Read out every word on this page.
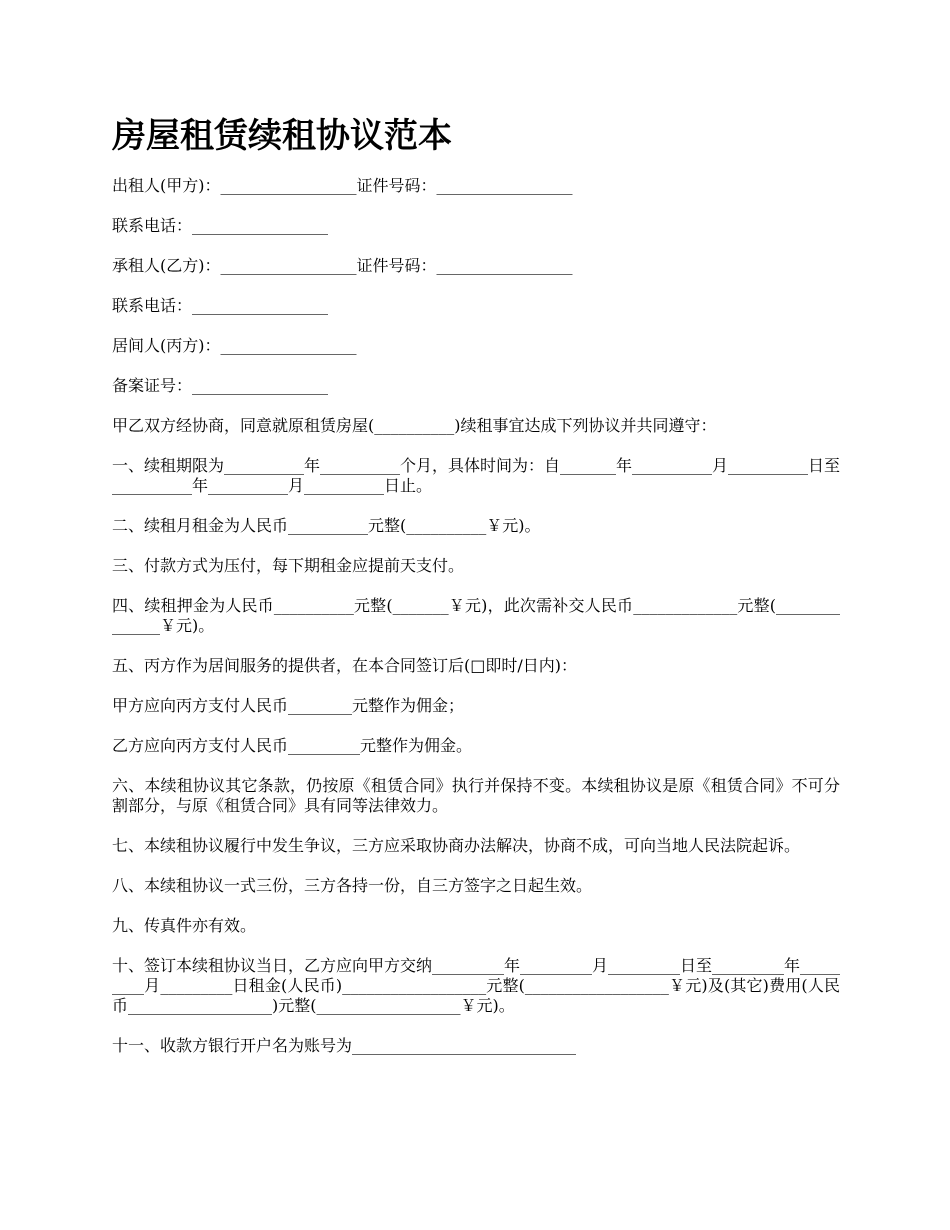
房屋租赁续租协议范本

出租人(甲方)：_________________证件号码：_________________

联系电话：_________________

承租人(乙方)：_________________证件号码：_________________

联系电话：_________________

居间人(丙方)：_________________

备案证号：_________________

甲乙双方经协商，同意就原租赁房屋(__________)续租事宜达成下列协议并共同遵守：

一、续租期限为__________年__________个月，具体时间为：自_______年__________月__________日至__________年__________月__________日止。

二、续租月租金为人民币__________元整(__________￥元)。

三、付款方式为压付，每下期租金应提前天支付。

四、续租押金为人民币__________元整(_______￥元)，此次需补交人民币_____________元整(______________￥元)。

五、丙方作为居间服务的提供者，在本合同签订后(□即时/日内)：

甲方应向丙方支付人民币________元整作为佣金；

乙方应向丙方支付人民币_________元整作为佣金。

六、本续租协议其它条款，仍按原《租赁合同》执行并保持不变。本续租协议是原《租赁合同》不可分割部分，与原《租赁合同》具有同等法律效力。

七、本续租协议履行中发生争议，三方应采取协商办法解决，协商不成，可向当地人民法院起诉。

八、本续租协议一式三份，三方各持一份，自三方签字之日起生效。

九、传真件亦有效。

十、签订本续租协议当日，乙方应向甲方交纳_________年_________月_________日至_________年_________月_________日租金(人民币)__________________元整(__________________￥元)及(其它)费用(人民币__________________)元整(__________________￥元)。

十一、收款方银行开户名为账号为____________________________
